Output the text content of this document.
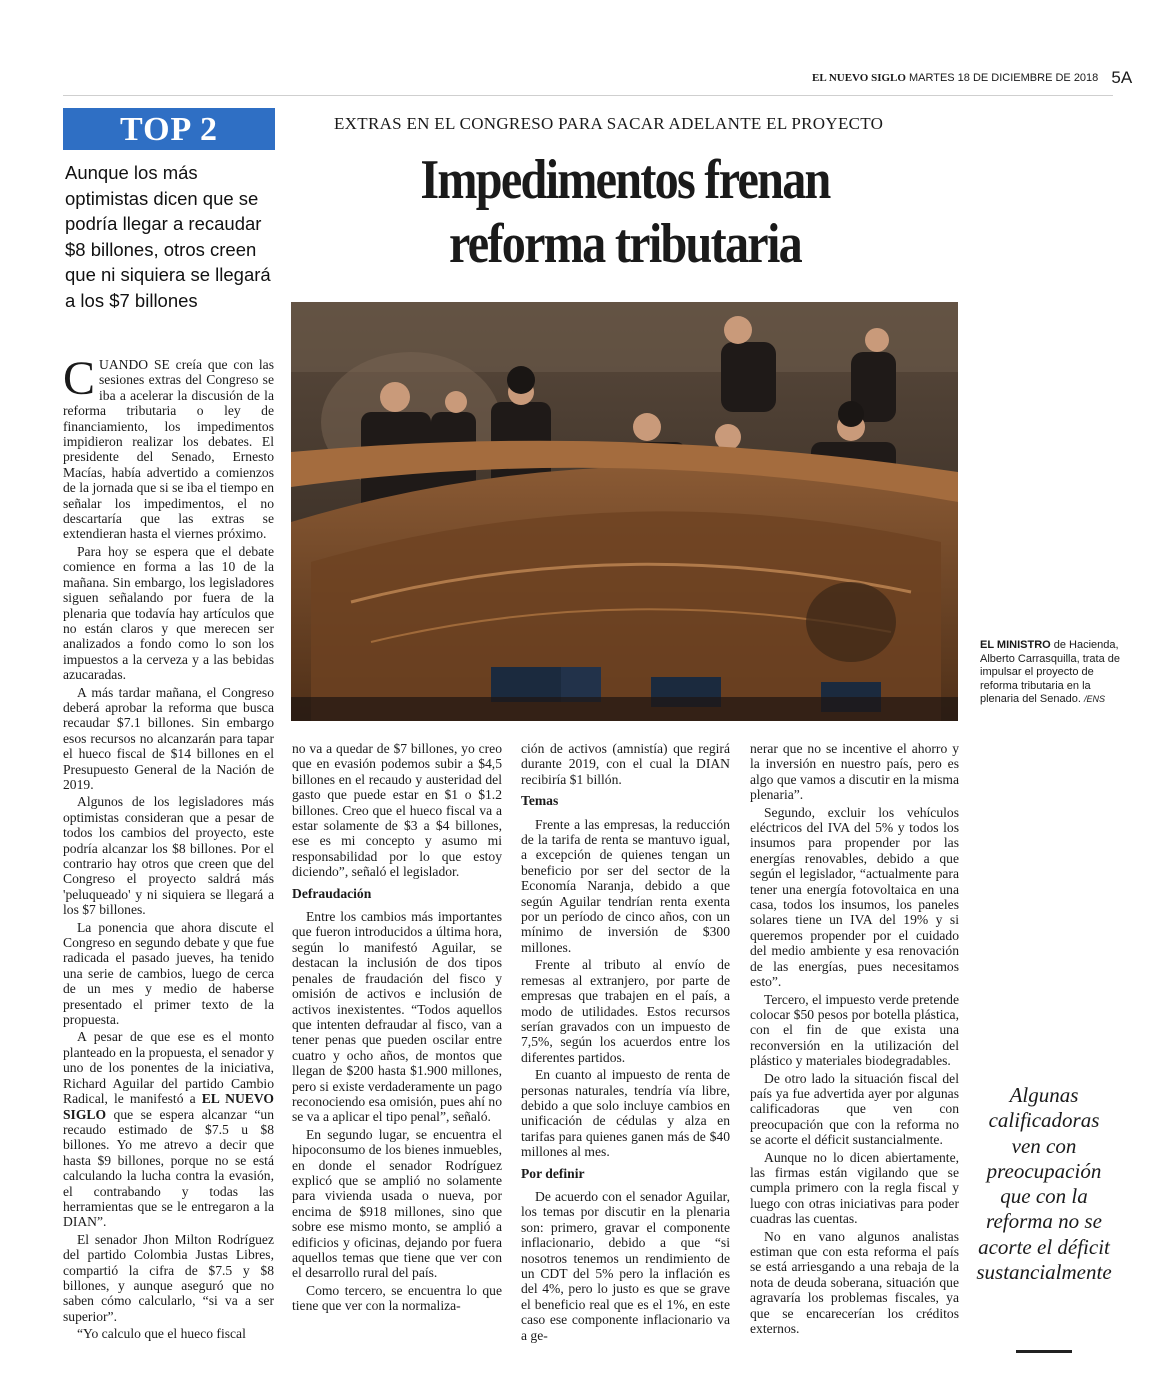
EL NUEVO SIGLO MARTES 18 DE DICIEMBRE DE 2018 5A
TOP 2
Aunque los más optimistas dicen que se podría llegar a recaudar $8 billones, otros creen que ni siquiera se llegará a los $7 billones
EXTRAS EN EL CONGRESO PARA SACAR ADELANTE EL PROYECTO
Impedimentos frenan
reforma tributaria
EL MINISTRO de Hacienda, Alberto Carrasquilla, trata de impulsar el proyecto de reforma tributaria en la plenaria del Senado. /ENS

CUANDO SE creía que con las sesiones extras del Congreso se iba a acelerar la discusión de la reforma tributaria o ley de financiamiento, los impedimentos impidieron realizar los debates. El presidente del Senado, Ernesto Macías, había advertido a comienzos de la jornada que si se iba el tiempo en señalar los impedimentos, el no descartaría que las extras se extendieran hasta el viernes próximo.

Para hoy se espera que el debate comience en forma a las 10 de la mañana. Sin embargo, los legisladores siguen señalando por fuera de la plenaria que todavía hay artículos que no están claros y que merecen ser analizados a fondo como lo son los impuestos a la cerveza y a las bebidas azucaradas.

A más tardar mañana, el Congreso deberá aprobar la reforma que busca recaudar $7.1 billones. Sin embargo esos recursos no alcanzarán para tapar el hueco fiscal de $14 billones en el Presupuesto General de la Nación de 2019.

Algunos de los legisladores más optimistas consideran que a pesar de todos los cambios del proyecto, este podría alcanzar los $8 billones. Por el contrario hay otros que creen que del Congreso el proyecto saldrá más 'peluqueado' y ni siquiera se llegará a los $7 billones.

La ponencia que ahora discute el Congreso en segundo debate y que fue radicada el pasado jueves, ha tenido una serie de cambios, luego de cerca de un mes y medio de haberse presentado el primer texto de la propuesta.

A pesar de que ese es el monto planteado en la propuesta, el senador y uno de los ponentes de la iniciativa, Richard Aguilar del partido Cambio Radical, le manifestó a EL NUEVO SIGLO que se espera alcanzar “un recaudo estimado de $7.5 u $8 billones. Yo me atrevo a decir que hasta $9 billones, porque no se está calculando la lucha contra la evasión, el contrabando y todas las herramientas que se le entregaron a la DIAN”.

El senador Jhon Milton Rodríguez del partido Colombia Justas Libres, compartió la cifra de $7.5 y $8 billones, y aunque aseguró que no saben cómo calcularlo, “si va a ser superior”.

“Yo calculo que el hueco fiscal

no va a quedar de $7 billones, yo creo que en evasión podemos subir a $4,5 billones en el recaudo y austeridad del gasto que puede estar en $1 o $1.2 billones. Creo que el hueco fiscal va a estar solamente de $3 a $4 billones, ese es mi concepto y asumo mi responsabilidad por lo que estoy diciendo”, señaló el legislador.

Defraudación

Entre los cambios más importantes que fueron introducidos a última hora, según lo manifestó Aguilar, se destacan la inclusión de dos tipos penales de fraudación del fisco y omisión de activos e inclusión de activos inexistentes. “Todos aquellos que intenten defraudar al fisco, van a tener penas que pueden oscilar entre cuatro y ocho años, de montos que llegan de $200 hasta $1.900 millones, pero si existe verdaderamente un pago reconociendo esa omisión, pues ahí no se va a aplicar el tipo penal”, señaló.

En segundo lugar, se encuentra el hipoconsumo de los bienes inmuebles, en donde el senador Rodríguez explicó que se amplió no solamente para vivienda usada o nueva, por encima de $918 millones, sino que sobre ese mismo monto, se amplió a edificios y oficinas, dejando por fuera aquellos temas que tiene que ver con el desarrollo rural del país.

Como tercero, se encuentra lo que tiene que ver con la normaliza-

ción de activos (amnistía) que regirá durante 2019, con el cual la DIAN recibiría $1 billón.

Temas

Frente a las empresas, la reducción de la tarifa de renta se mantuvo igual, a excepción de quienes tengan un beneficio por ser del sector de la Economía Naranja, debido a que según Aguilar tendrían renta exenta por un período de cinco años, con un mínimo de inversión de $300 millones.

Frente al tributo al envío de remesas al extranjero, por parte de empresas que trabajen en el país, a modo de utilidades. Estos recursos serían gravados con un impuesto de 7,5%, según los acuerdos entre los diferentes partidos.

En cuanto al impuesto de renta de personas naturales, tendría vía libre, debido a que solo incluye cambios en unificación de cédulas y alza en tarifas para quienes ganen más de $40 millones al mes.

Por definir

De acuerdo con el senador Aguilar, los temas por discutir en la plenaria son: primero, gravar el componente inflacionario, debido a que “si nosotros tenemos un rendimiento de un CDT del 5% pero la inflación es del 4%, pero lo justo es que se grave el beneficio real que es el 1%, en este caso ese componente inflacionario va a ge-

nerar que no se incentive el ahorro y la inversión en nuestro país, pero es algo que vamos a discutir en la misma plenaria”.

Segundo, excluir los vehículos eléctricos del IVA del 5% y todos los insumos para propender por las energías renovables, debido a que según el legislador, “actualmente para tener una energía fotovoltaica en una casa, todos los insumos, los paneles solares tiene un IVA del 19% y si queremos propender por el cuidado del medio ambiente y esa renovación de las energías, pues necesitamos esto”.

Tercero, el impuesto verde pretende colocar $50 pesos por botella plástica, con el fin de que exista una reconversión en la utilización del plástico y materiales biodegradables.

De otro lado la situación fiscal del país ya fue advertida ayer por algunas calificadoras que ven con preocupación que con la reforma no se acorte el déficit sustancialmente.

Aunque no lo dicen abiertamente, las firmas están vigilando que se cumpla primero con la regla fiscal y luego con otras iniciativas para poder cuadras las cuentas.

No en vano algunos analistas estiman que con esta reforma el país se está arriesgando a una rebaja de la nota de deuda soberana, situación que agravaría los problemas fiscales, ya que se encarecerían los créditos externos.

Algunas calificadoras ven con preocupación que con la reforma no se acorte el déficit sustancialmente
